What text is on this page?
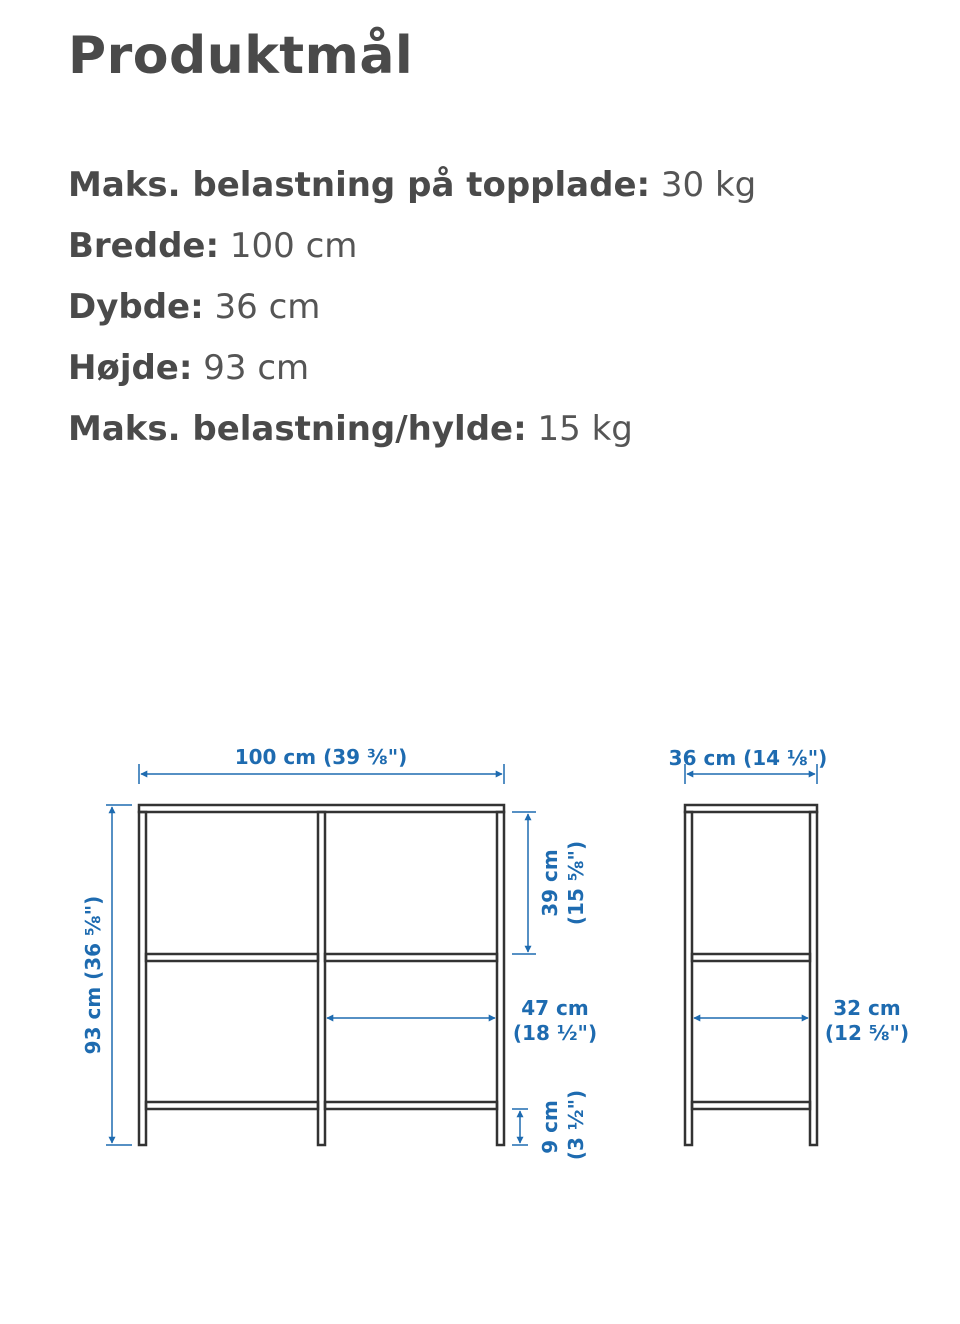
Produktmål
Maks. belastning på topplade: 30 kg
Bredde: 100 cm
Dybde: 36 cm
Højde: 93 cm
Maks. belastning/hylde: 15 kg
100 cm (39 ⅜")
93 cm (36 ⅝")
39 cm (15 ⅝")
47 cm
(18 ½")
9 cm (3 ½")
36 cm (14 ⅛")
32 cm
(12 ⅝")
